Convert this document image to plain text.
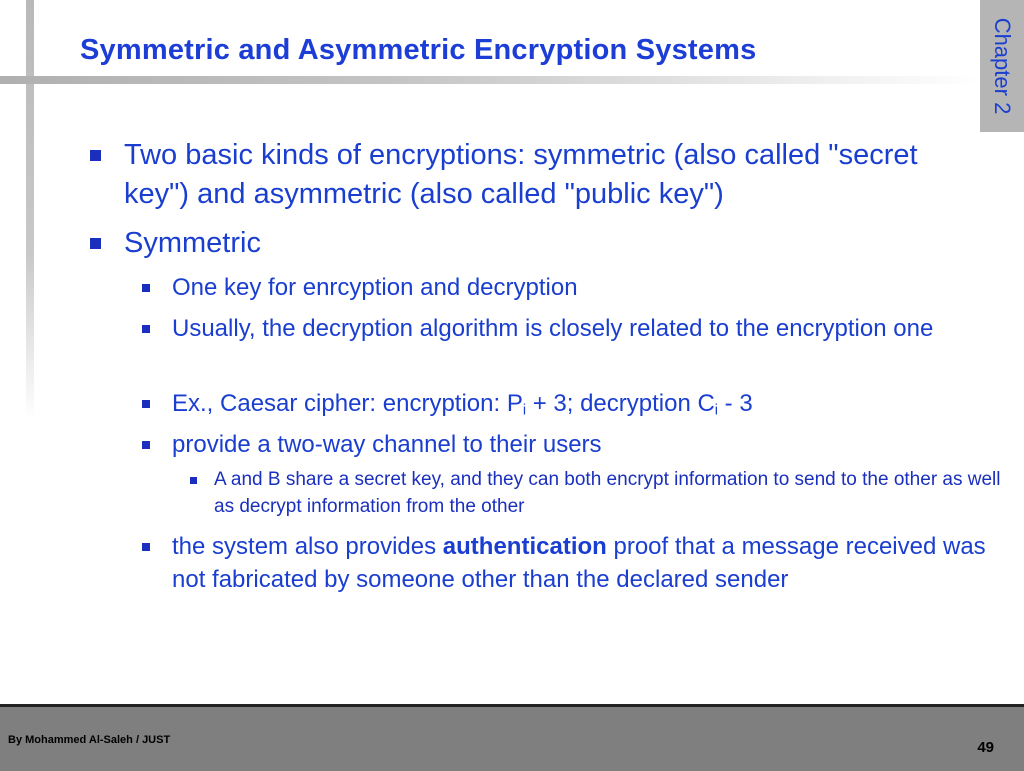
Symmetric and Asymmetric Encryption Systems	Chapter 2
Two basic kinds of encryptions: symmetric (also called "secret key") and asymmetric (also called "public key")
Symmetric
One key for enrcyption and decryption
Usually, the decryption algorithm is closely related to the encryption one
Ex., Caesar cipher: encryption: $P_i + 3$; decryption $C_i - 3$
provide a two-way channel to their users
A and B share a secret key, and they can both encrypt information to send to the other as well as decrypt information from the other
the system also provides authentication proof that a message received was not fabricated by someone other than the declared sender
By Mohammed Al-Saleh / JUST	49
